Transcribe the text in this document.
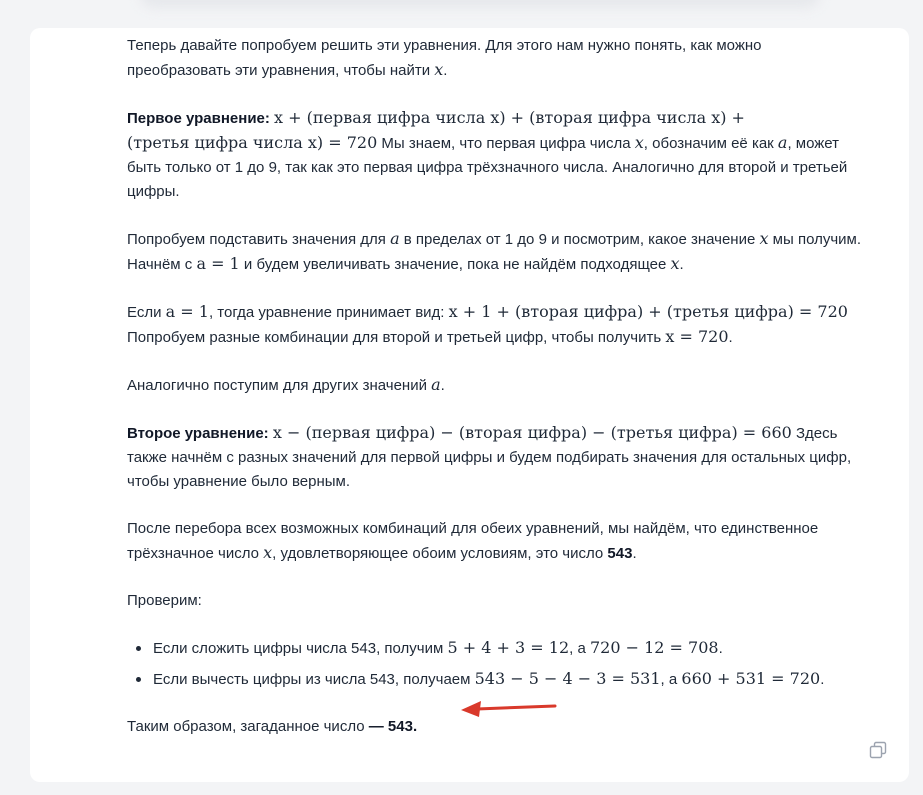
Теперь давайте попробуем решить эти уравнения. Для этого нам нужно понять, как можно преобразовать эти уравнения, чтобы найти x.

Первое уравнение: x + (первая цифра числа x) + (вторая цифра числа x) +
(третья цифра числа x) = 720 Мы знаем, что первая цифра числа x, обозначим её как a, может быть только от 1 до 9, так как это первая цифра трёхзначного числа. Аналогично для второй и третьей цифры.

Попробуем подставить значения для a в пределах от 1 до 9 и посмотрим, какое значение x мы получим. Начнём с a = 1 и будем увеличивать значение, пока не найдём подходящее x.

Если a = 1, тогда уравнение принимает вид: x + 1 + (вторая цифра) + (третья цифра) = 720
Попробуем разные комбинации для второй и третьей цифр, чтобы получить x = 720.

Аналогично поступим для других значений a.

Второе уравнение: x − (первая цифра) − (вторая цифра) − (третья цифра) = 660 Здесь также начнём с разных значений для первой цифры и будем подбирать значения для остальных цифр, чтобы уравнение было верным.

После перебора всех возможных комбинаций для обеих уравнений, мы найдём, что единственное трёхзначное число x, удовлетворяющее обоим условиям, это число 543.

Проверим:

Если сложить цифры числа 543, получим 5 + 4 + 3 = 12, а 720 − 12 = 708.
Если вычесть цифры из числа 543, получаем 543 − 5 − 4 − 3 = 531, а 660 + 531 = 720.

Таким образом, загаданное число — 543.
